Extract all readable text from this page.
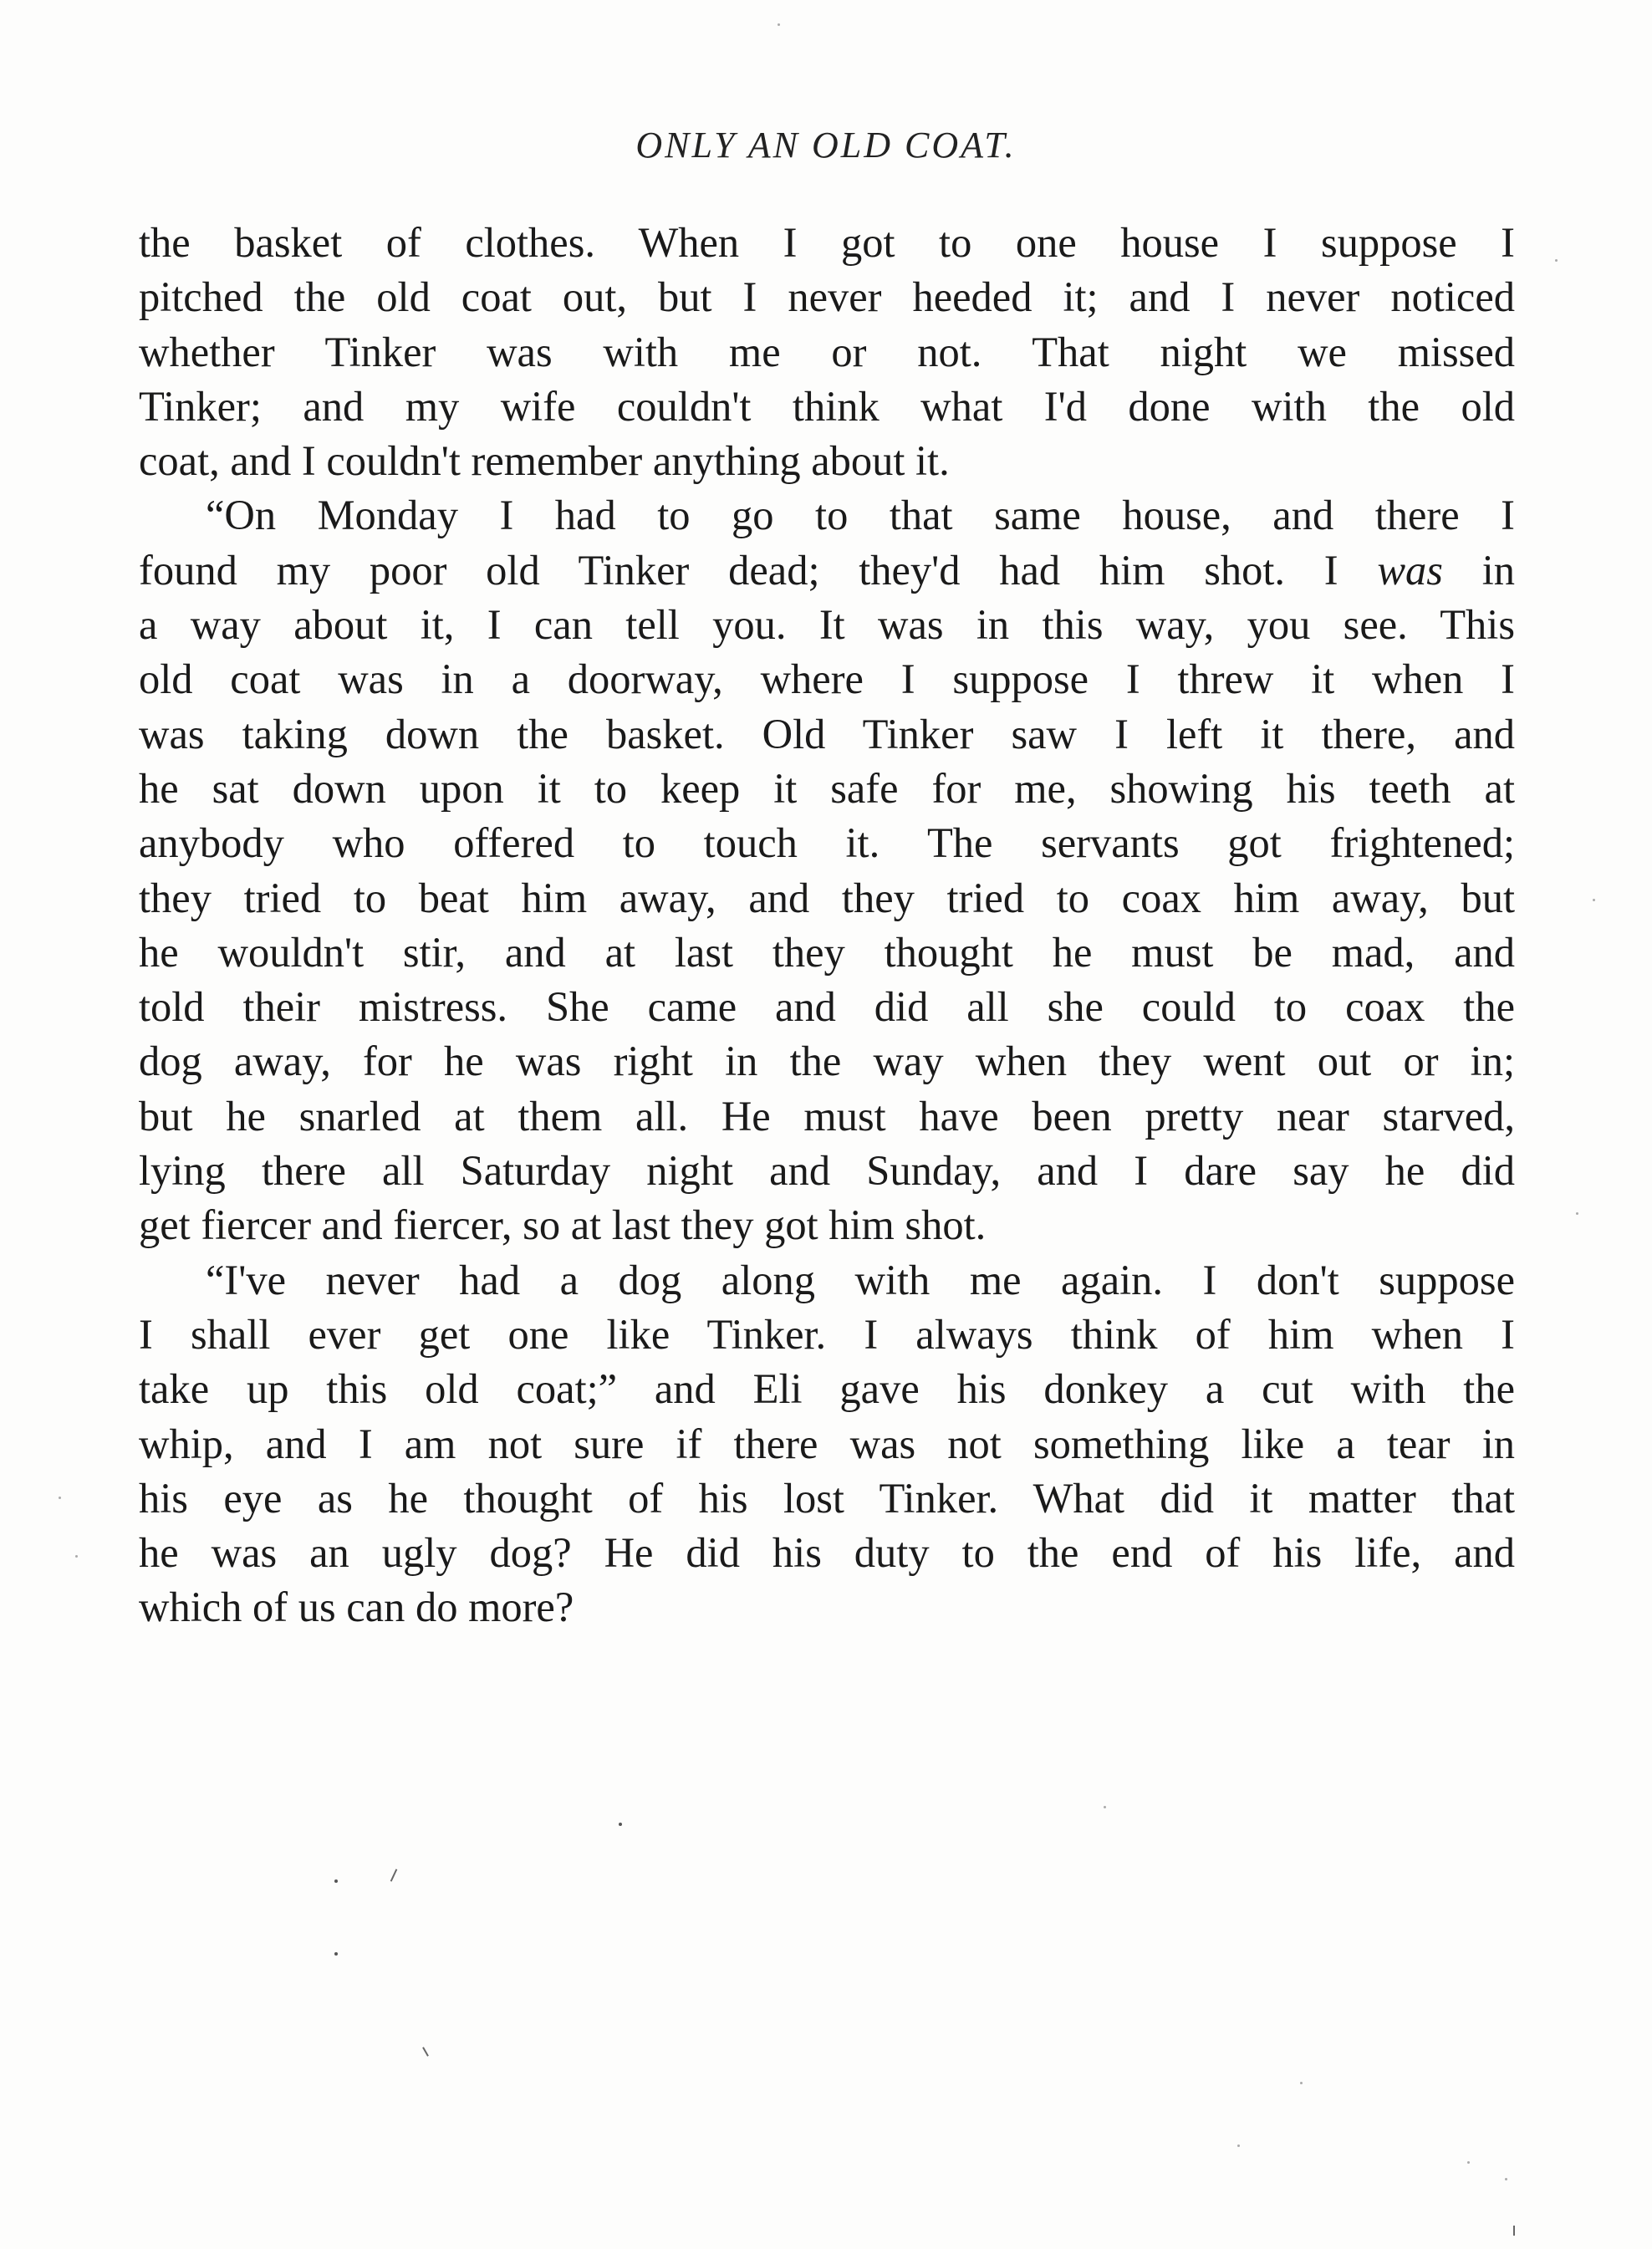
ONLY AN OLD COAT.

the basket of clothes. When I got to one house I suppose I
pitched the old coat out, but I never heeded it; and I never noticed
whether Tinker was with me or not. That night we missed
Tinker; and my wife couldn't think what I'd done with the old
coat, and I couldn't remember anything about it.

“On Monday I had to go to that same house, and there I
found my poor old Tinker dead; they'd had him shot. I was in
a way about it, I can tell you. It was in this way, you see. This
old coat was in a doorway, where I suppose I threw it when I
was taking down the basket. Old Tinker saw I left it there, and
he sat down upon it to keep it safe for me, showing his teeth at
anybody who offered to touch it. The servants got frightened;
they tried to beat him away, and they tried to coax him away, but
he wouldn't stir, and at last they thought he must be mad, and
told their mistress. She came and did all she could to coax the
dog away, for he was right in the way when they went out or in;
but he snarled at them all. He must have been pretty near starved,
lying there all Saturday night and Sunday, and I dare say he did
get fiercer and fiercer, so at last they got him shot.

“I've never had a dog along with me again. I don't suppose
I shall ever get one like Tinker. I always think of him when I
take up this old coat;” and Eli gave his donkey a cut with the
whip, and I am not sure if there was not something like a tear in
his eye as he thought of his lost Tinker. What did it matter that
he was an ugly dog? He did his duty to the end of his life, and
which of us can do more?
